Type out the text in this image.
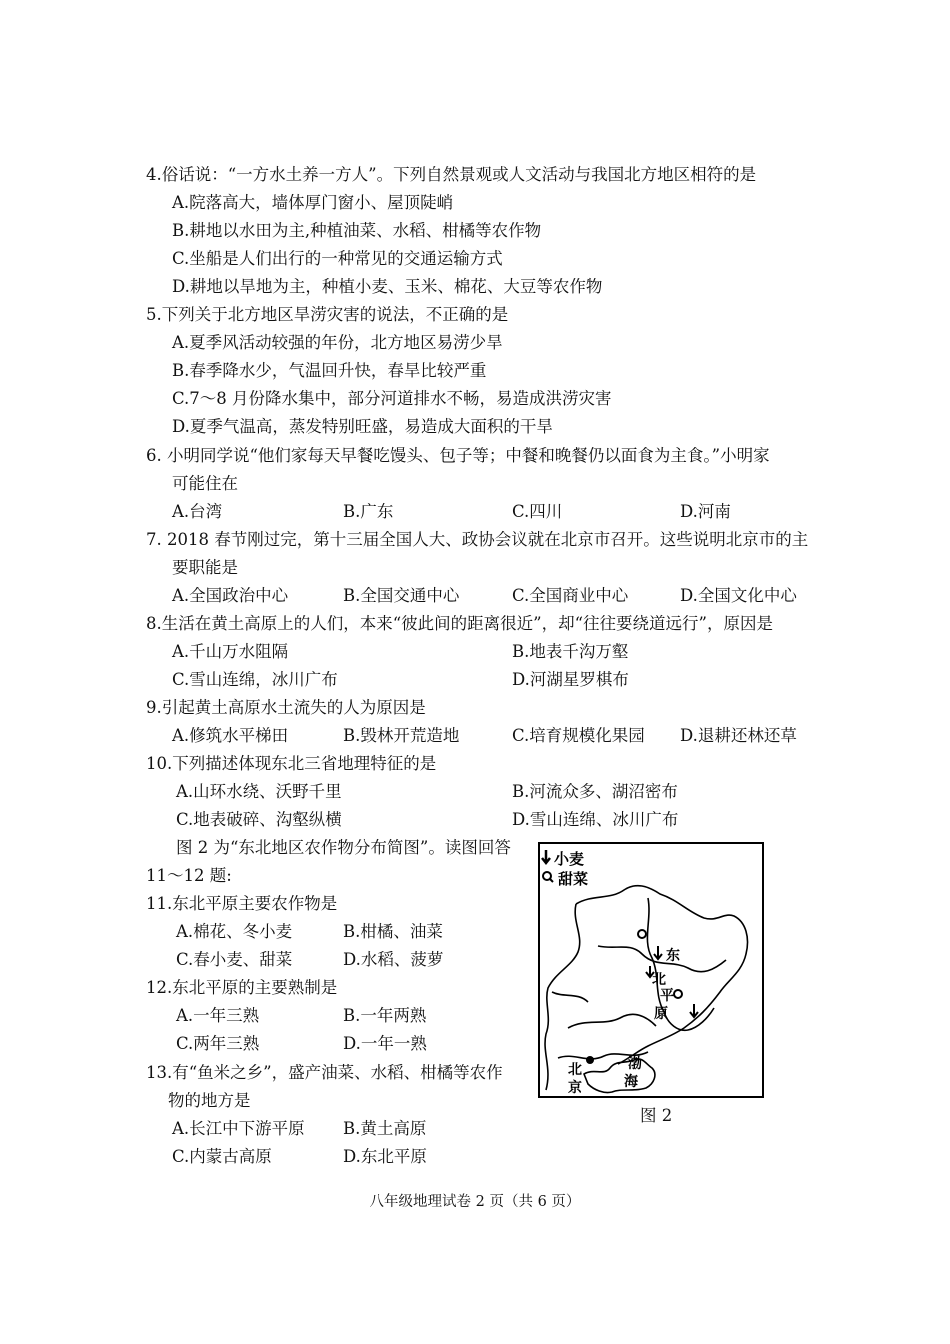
4.俗话说：“一方水土养一方人”。下列自然景观或人文活动与我国北方地区相符的是
A.院落高大，墙体厚门窗小、屋顶陡峭
B.耕地以水田为主,种植油菜、水稻、柑橘等农作物
C.坐船是人们出行的一种常见的交通运输方式
D.耕地以旱地为主，种植小麦、玉米、棉花、大豆等农作物
5.下列关于北方地区旱涝灾害的说法，不正确的是
A.夏季风活动较强的年份，北方地区易涝少旱
B.春季降水少，气温回升快，春旱比较严重
C.7～8 月份降水集中，部分河道排水不畅，易造成洪涝灾害
D.夏季气温高，蒸发特别旺盛，易造成大面积的干旱
6. 小明同学说“他们家每天早餐吃馒头、包子等；中餐和晚餐仍以面食为主食。”小明家
可能住在
A.台湾	B.广东	C.四川	D.河南
7. 2018 春节刚过完，第十三届全国人大、政协会议就在北京市召开。这些说明北京市的主
要职能是
A.全国政治中心	B.全国交通中心	C.全国商业中心	D.全国文化中心
8.生活在黄土高原上的人们，本来“彼此间的距离很近”，却“往往要绕道远行”，原因是
A.千山万水阻隔	B.地表千沟万壑
C.雪山连绵，冰川广布	D.河湖星罗棋布
9.引起黄土高原水土流失的人为原因是
A.修筑水平梯田	B.毁林开荒造地	C.培育规模化果园 D.退耕还林还草
10.下列描述体现东北三省地理特征的是
A.山环水绕、沃野千里	B.河流众多、湖沼密布
C.地表破碎、沟壑纵横	D.雪山连绵、冰川广布
图 2 为“东北地区农作物分布简图”。读图回答
11～12 题:
11.东北平原主要农作物是
A.棉花、冬小麦	B.柑橘、油菜
C.春小麦、甜菜	D.水稻、菠萝
12.东北平原的主要熟制是
A.一年三熟	B.一年两熟
C.两年三熟	D.一年一熟
13.有“鱼米之乡”，盛产油菜、水稻、柑橘等农作
物的地方是
A.长江中下游平原 B.黄土高原
C.内蒙古高原	D.东北平原
小麦
甜菜
东
北
平
原
北
京
渤
海
图 2
八年级地理试卷 2 页（共 6 页）
